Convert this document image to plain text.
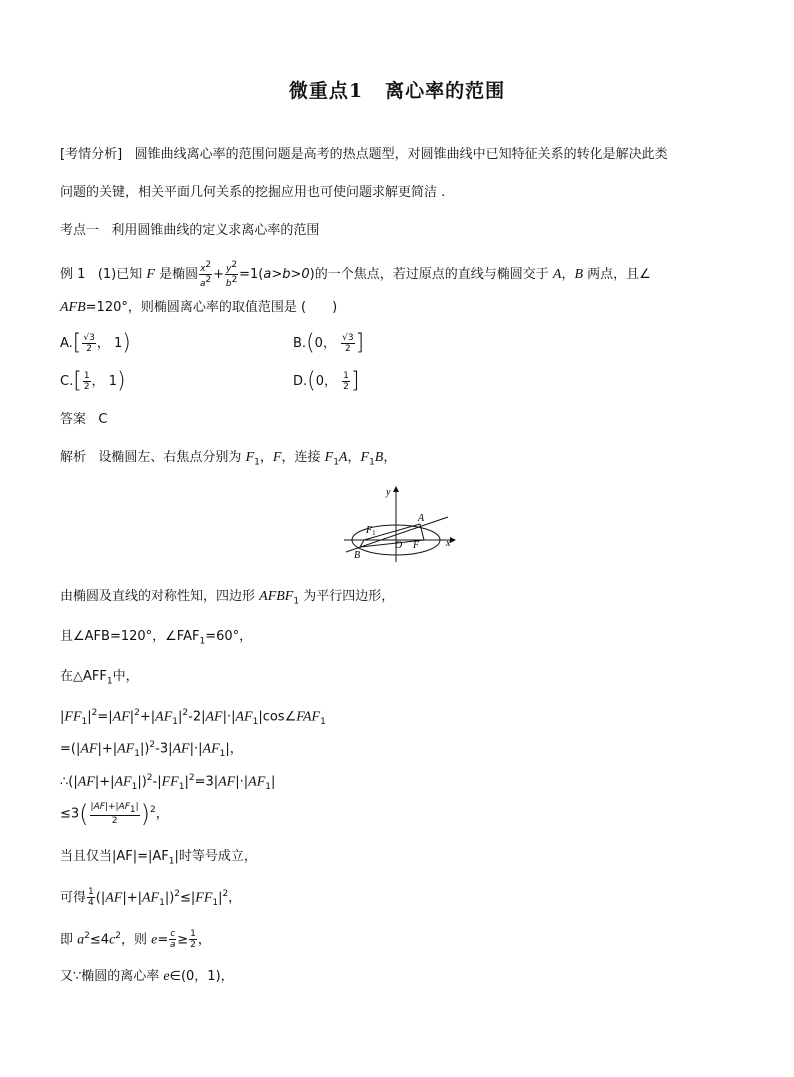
微重点1 离心率的范围
[考情分析] 圆锥曲线离心率的范围问题是高考的热点题型，对圆锥曲线中已知特征关系的转化是解决此类
问题的关键，相关平面几何关系的挖掘应用也可使问题求解更简洁 .
考点一 利用圆锥曲线的定义求离心率的范围
例 1 (1)已知 F 是椭圆 $\frac{x^2}{a^2} + \frac{y^2}{b^2} =1(a>b>0)$的一个焦点，若过原点的直线与椭圆交于 A，B 两点，且∠
AFB=120°，则椭圆离心率的取值范围是 (　　)
$A.[ \frac{√3}{2}$ ， 1)	B.(0， $\frac{√3}{2}$ ]
$C.[ \frac{1}{2}$ ， 1)	D.(0， $\frac{1}{2}$ ]
答案 C
解析 设椭圆左、右焦点分别为 $F_1$，F，连接 $F_1A$，$F_1B$，
y
x
O F
A
B
$F_1$
由椭圆及直线的对称性知，四边形 $AFBF_1$ 为平行四边形，
且∠AFB=120°，$\angle FAF_1=60^\circ$，
在$\triangle AFF_1$中，
$|FF_1|^2=|AF|^2+|AF_1|^2-2|AF|\cdot|AF_1|\cos\angle FAF_1$
$=(|AF|+|AF_1|)^2-3|AF|\cdot|AF_1|$，
$\therefore(|AF|+|AF_1|)^2-|FF_1|^2=3|AF|\cdot|AF_1|$
$\le 3( \frac{|AF|+|AF_1|}{2} )^2$，
当且仅当$|AF|=|AF_1|$时等号成立，
可得 $\frac{1}{4} (|AF|+|AF_1|)^2\le|FF_1|^2$，
即 $a^2\le 4c^2$，则 $e= \frac{c}{a} \ge \frac{1}{2}$ ，
又∵椭圆的离心率 e∈(0，1)，
